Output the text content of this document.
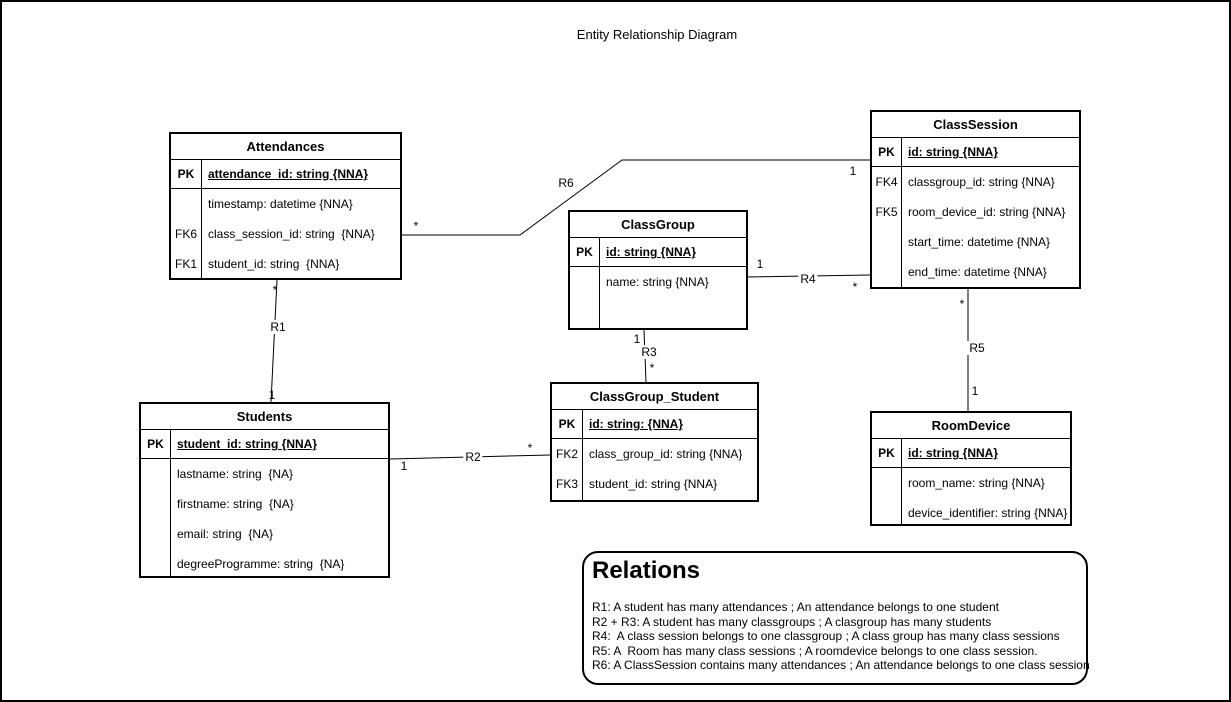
Entity Relationship Diagram
Attendances
PK	attendance_id: string {NNA}
timestamp: datetime {NNA}
FK6 class_session_id: string  {NNA}
FK1 student_id: string  {NNA}
ClassSession
PK	id: string {NNA}
FK4 classgroup_id: string {NNA}
FK5 room_device_id: string {NNA}
start_time: datetime {NNA}
end_time: datetime {NNA}
ClassGroup
PK	id: string {NNA}
name: string {NNA}
Students
PK	student_id: string {NNA}
lastname: string  {NA}
firstname: string  {NA}
email: string  {NA}
degreeProgramme: string  {NA}
ClassGroup_Student
PK	id: string: {NNA}
FK2 class_group_id: string {NNA}
FK3 student_id: string {NNA}
RoomDevice
PK	id: string {NNA}
room_name: string {NNA}
device_identifier: string {NNA}
R1
*
1
R2
1
*
R3
1
*
R4
1
*
R5
*
1
R6
*
1
Relations
R1: A student has many attendances ; An attendance belongs to one student
R2 + R3: A student has many classgroups ; A clasgroup has many students
R4:  A class session belongs to one classgroup ; A class group has many class sessions
R5: A  Room has many class sessions ; A roomdevice belongs to one class session.
R6: A ClassSession contains many attendances ; An attendance belongs to one class session
